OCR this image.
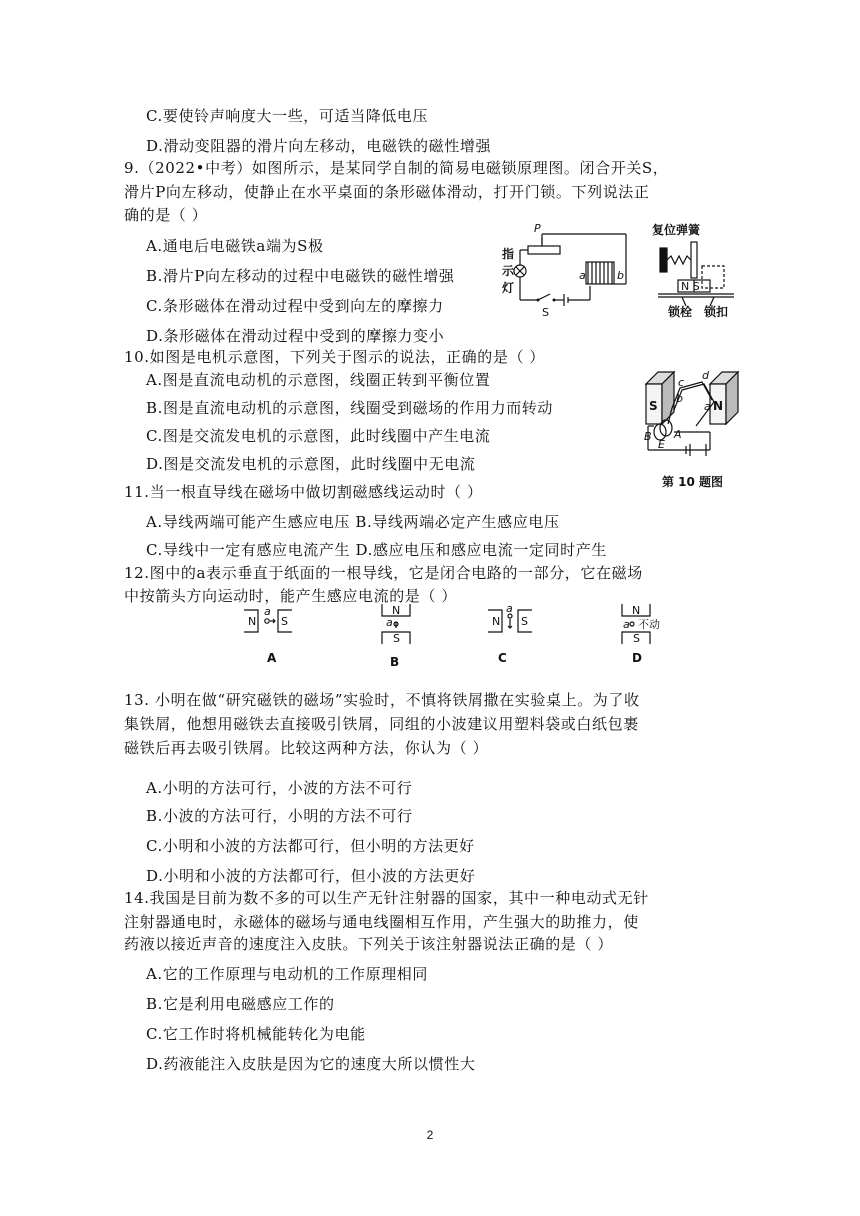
C.要使铃声响度大一些，可适当降低电压
D.滑动变阻器的滑片向左移动，电磁铁的磁性增强
9.（2022•中考）如图所示，是某同学自制的简易电磁锁原理图。闭合开关S，
滑片P向左移动，使静止在水平桌面的条形磁体滑动，打开门锁。下列说法正
确的是（ ）
A.通电后电磁铁a端为S极
B.滑片P向左移动的过程中电磁铁的磁性增强
C.条形磁体在滑动过程中受到向左的摩擦力
D.条形磁体在滑动过程中受到的摩擦力变小
P
指
示
灯
a	b
S
复位弹簧
N S
锁栓 锁扣
10.如图是电机示意图，下列关于图示的说法，正确的是（ ）
A.图是直流电动机的示意图，线圈正转到平衡位置
B.图是直流电动机的示意图，线圈受到磁场的作用力而转动
C.图是交流发电机的示意图，此时线圈中产生电流
D.图是交流发电机的示意图，此时线圈中无电流
S	N
c
d
b
a
B
E
A
第 10 题图
11.当一根直导线在磁场中做切割磁感线运动时（ ）
A.导线两端可能产生感应电压 B.导线两端必定产生感应电压
C.导线中一定有感应电流产生 D.感应电压和感应电流一定同时产生
12.图中的a表示垂直于纸面的一根导线，它是闭合电路的一部分，它在磁场
中按箭头方向运动时，能产生感应电流的是（ ）
N S
a	N
S
a	N S
a	N
S
a 不动
A	B	C	D
13. 小明在做“研究磁铁的磁场”实验时，不慎将铁屑撒在实验桌上。为了收
集铁屑，他想用磁铁去直接吸引铁屑，同组的小波建议用塑料袋或白纸包裹
磁铁后再去吸引铁屑。比较这两种方法，你认为（ ）
A.小明的方法可行，小波的方法不可行
B.小波的方法可行，小明的方法不可行
C.小明和小波的方法都可行，但小明的方法更好
D.小明和小波的方法都可行，但小波的方法更好
14.我国是目前为数不多的可以生产无针注射器的国家，其中一种电动式无针
注射器通电时，永磁体的磁场与通电线圈相互作用，产生强大的助推力，使
药液以接近声音的速度注入皮肤。下列关于该注射器说法正确的是（ ）
A.它的工作原理与电动机的工作原理相同
B.它是利用电磁感应工作的
C.它工作时将机械能转化为电能
D.药液能注入皮肤是因为它的速度大所以惯性大
2
